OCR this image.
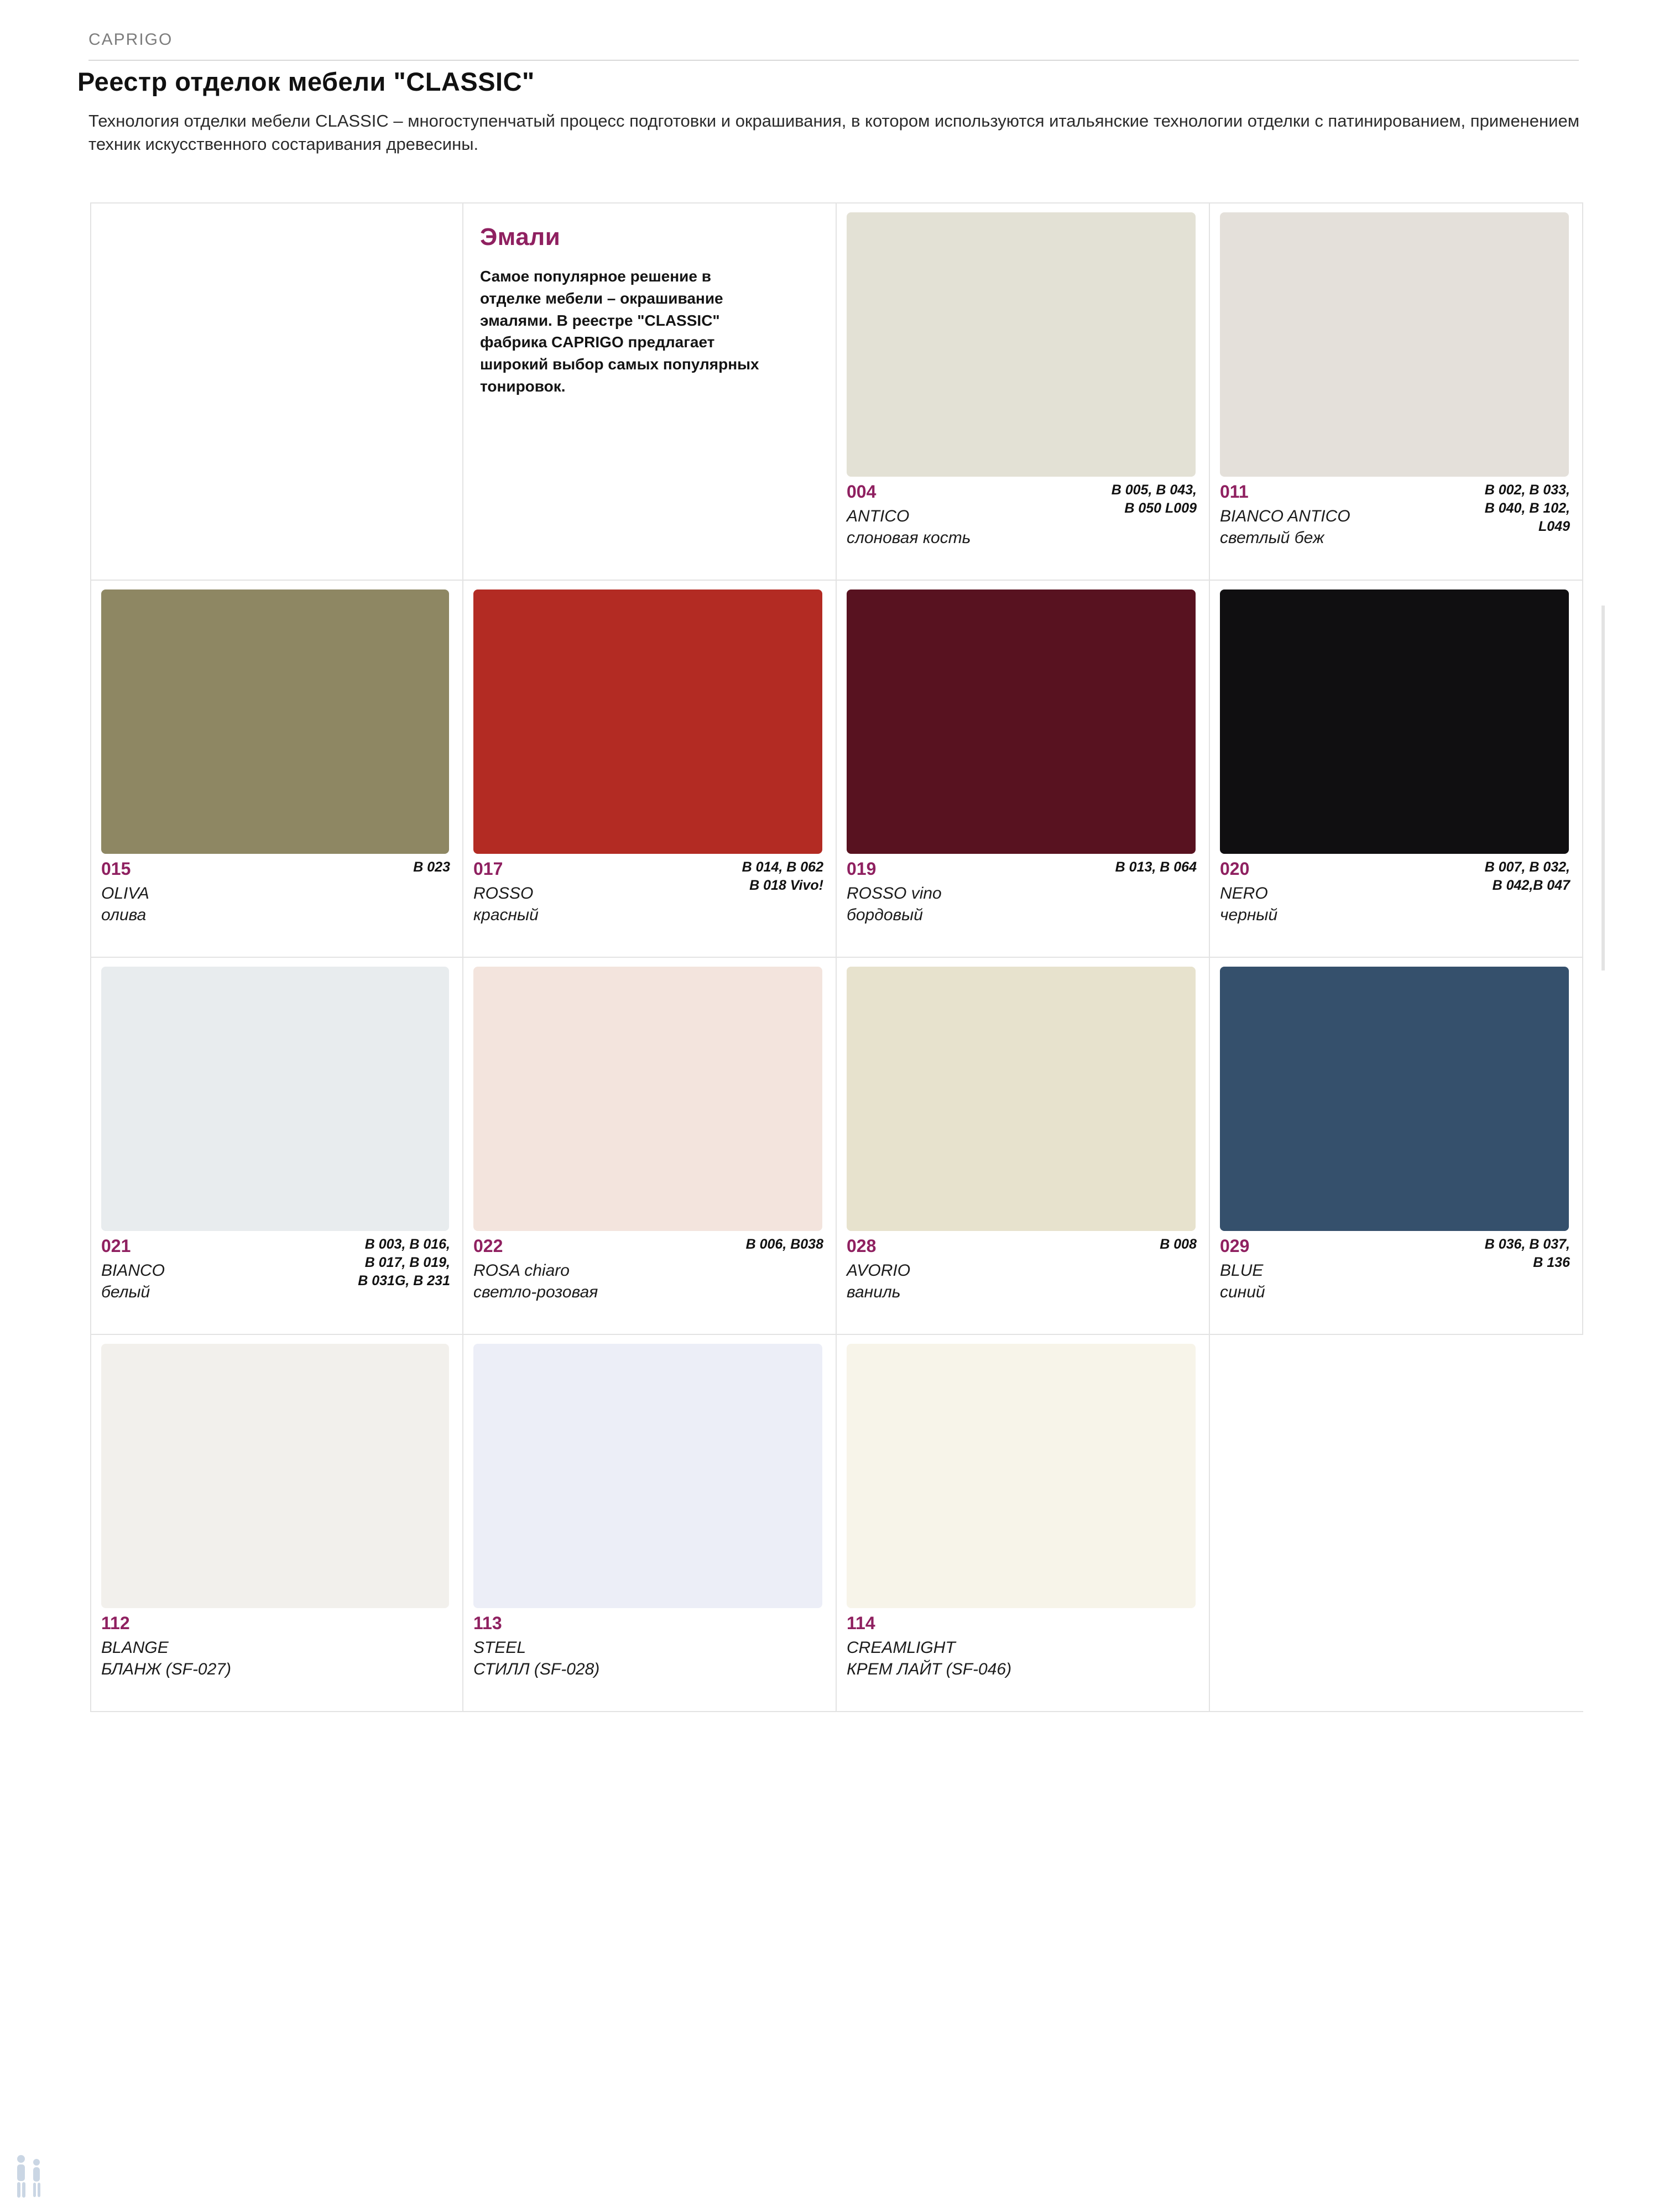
CAPRIGO
Реестр отделок мебели "CLASSIC"
Технология отделки мебели CLASSIC – многоступенчатый процесс подготовки и окрашивания, в котором используются итальянские технологии отделки с патинированием, применением техник искусственного состаривания древесины.
Эмали
Самое популярное решение в отделке мебели – окрашивание эмалями. В реестре "CLASSIC" фабрика CAPRIGO предлагает широкий выбор самых популярных тонировок.
B 005, B 043,
B 050 L009
004
ANTICO
слоновая кость
B 002, B 033,
B 040, B 102,
L049
011
BIANCO ANTICO
светлый беж
B 023
015
OLIVA
олива
B 014, B 062
B 018 Vivo!
017
ROSSO
красный
B 013, B 064
019
ROSSO vino
бордовый
B 007, B 032,
B 042,B 047
020
NERO
черный
B 003, B 016,
B 017, B 019,
B 031G, B 231
021
BIANCO
белый
B 006, B038
022
ROSA chiaro
светло-розовая
B 008
028
AVORIO
ваниль
B 036, B 037,
B 136
029
BLUE
синий
112
BLANGE
БЛАНЖ (SF-027)
113
STEEL
СТИЛЛ (SF-028)
114
CREAMLIGHT
КРЕМ ЛАЙТ (SF-046)
